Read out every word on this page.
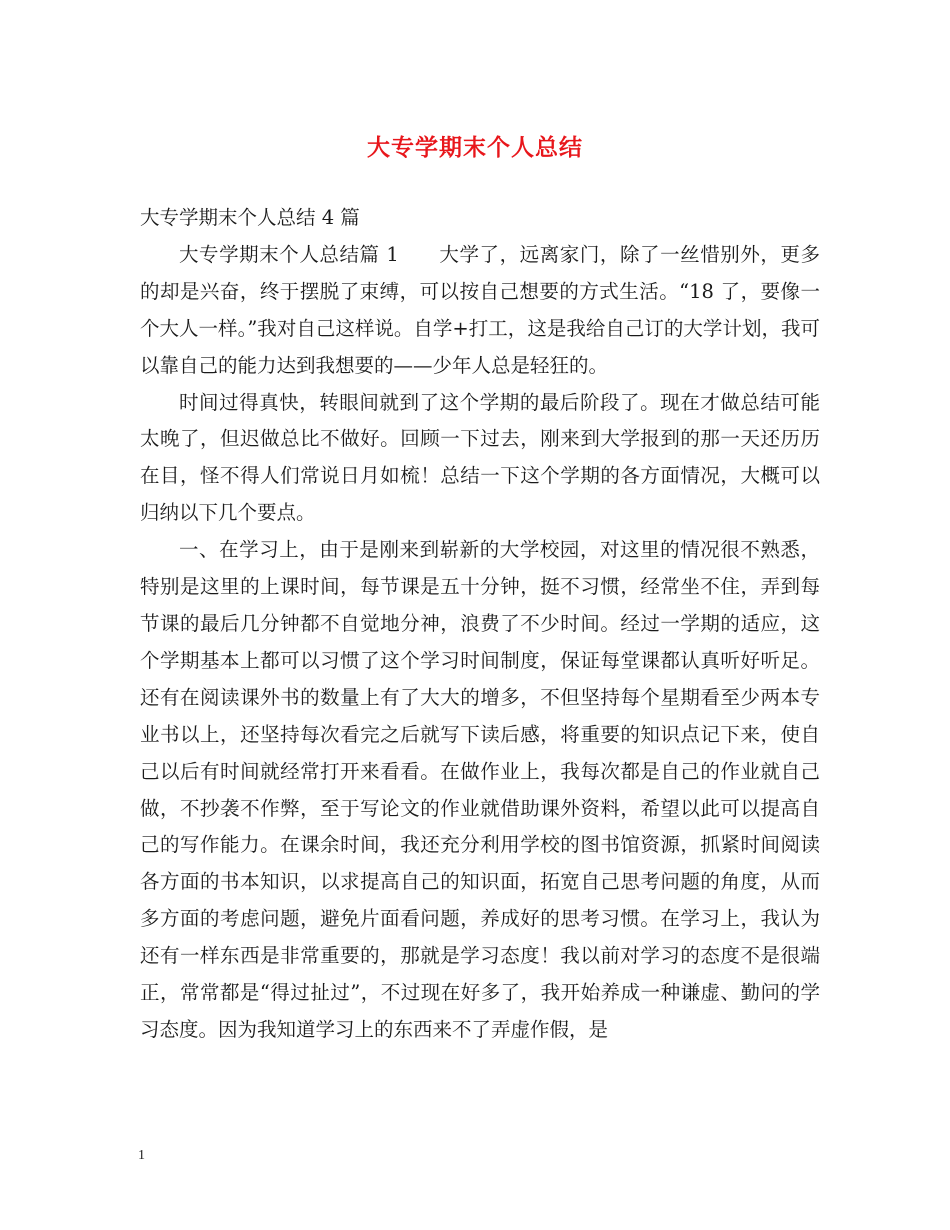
大专学期末个人总结

大专学期末个人总结 4 篇

大专学期末个人总结篇 1　　大学了，远离家门，除了一丝惜别外，更多的却是兴奋，终于摆脱了束缚，可以按自己想要的方式生活。“18 了，要像一个大人一样。”我对自己这样说。自学+打工，这是我给自己订的大学计划，我可以靠自己的能力达到我想要的——少年人总是轻狂的。

时间过得真快，转眼间就到了这个学期的最后阶段了。现在才做总结可能太晚了，但迟做总比不做好。回顾一下过去，刚来到大学报到的那一天还历历在目，怪不得人们常说日月如梳！总结一下这个学期的各方面情况，大概可以归纳以下几个要点。

一、在学习上，由于是刚来到崭新的大学校园，对这里的情况很不熟悉，特别是这里的上课时间，每节课是五十分钟，挺不习惯，经常坐不住，弄到每节课的最后几分钟都不自觉地分神，浪费了不少时间。经过一学期的适应，这个学期基本上都可以习惯了这个学习时间制度，保证每堂课都认真听好听足。还有在阅读课外书的数量上有了大大的增多，不但坚持每个星期看至少两本专业书以上，还坚持每次看完之后就写下读后感，将重要的知识点记下来，使自己以后有时间就经常打开来看看。在做作业上，我每次都是自己的作业就自己做，不抄袭不作弊，至于写论文的作业就借助课外资料，希望以此可以提高自己的写作能力。在课余时间，我还充分利用学校的图书馆资源，抓紧时间阅读各方面的书本知识，以求提高自己的知识面，拓宽自己思考问题的角度，从而多方面的考虑问题，避免片面看问题，养成好的思考习惯。在学习上，我认为还有一样东西是非常重要的，那就是学习态度！我以前对学习的态度不是很端正，常常都是“得过扯过”，不过现在好多了，我开始养成一种谦虚、勤问的学习态度。因为我知道学习上的东西来不了弄虚作假，是

1
